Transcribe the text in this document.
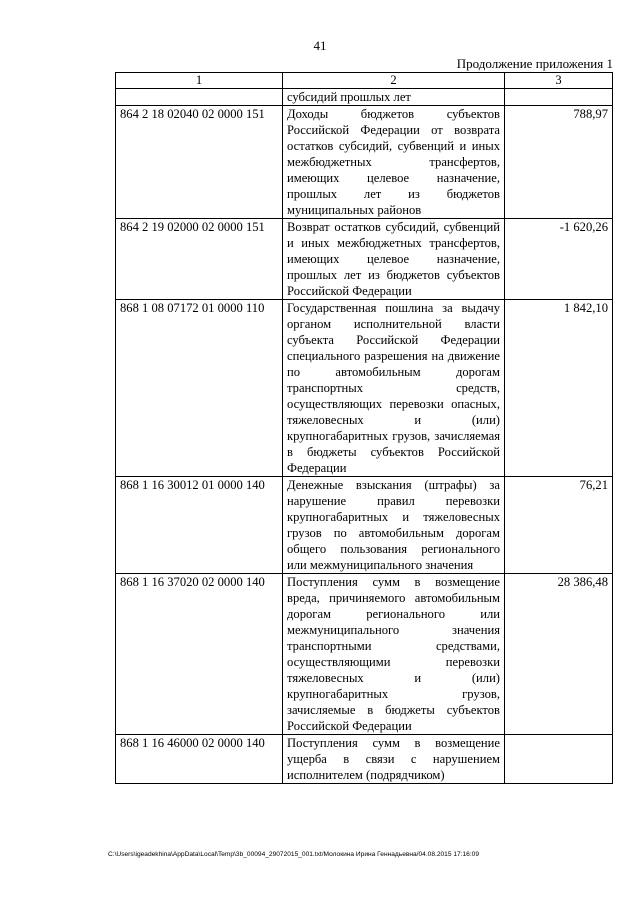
41
Продолжение приложения 1
1	2	3
	субсидий прошлых лет	
864 2 18 02040 02 0000 151	Доходы бюджетов субъектов Российской Федерации от возврата остатков субсидий, субвенций и иных межбюджетных трансфертов, имеющих целевое назначение, прошлых лет из бюджетов муниципальных районов	788,97
864 2 19 02000 02 0000 151	Возврат остатков субсидий, субвенций и иных межбюджетных трансфертов, имеющих целевое назначение, прошлых лет из бюджетов субъектов Российской Федерации	-1 620,26
868 1 08 07172 01 0000 110	Государственная пошлина за выдачу органом исполнительной власти субъекта Российской Федерации специального разрешения на движение по автомобильным дорогам транспортных средств, осуществляющих перевозки опасных, тяжеловесных и (или) крупногабаритных грузов, зачисляемая в бюджеты субъектов Российской Федерации	1 842,10
868 1 16 30012 01 0000 140	Денежные взыскания (штрафы) за нарушение правил перевозки крупногабаритных и тяжеловесных грузов по автомобильным дорогам общего пользования регионального или межмуниципального значения	76,21
868 1 16 37020 02 0000 140	Поступления сумм в возмещение вреда, причиняемого автомобильным дорогам регионального или межмуниципального значения транспортными средствами, осуществляющими перевозки тяжеловесных и (или) крупногабаритных грузов, зачисляемые в бюджеты субъектов Российской Федерации	28 386,48
868 1 16 46000 02 0000 140	Поступления сумм в возмещение ущерба в связи с нарушением исполнителем (подрядчиком)	
C:\Users\igeadekhina\AppData\Local\Temp\3b_00094_29072015_001.txt/Молокина Ирина Геннадьевна/04.08.2015 17:16:09
